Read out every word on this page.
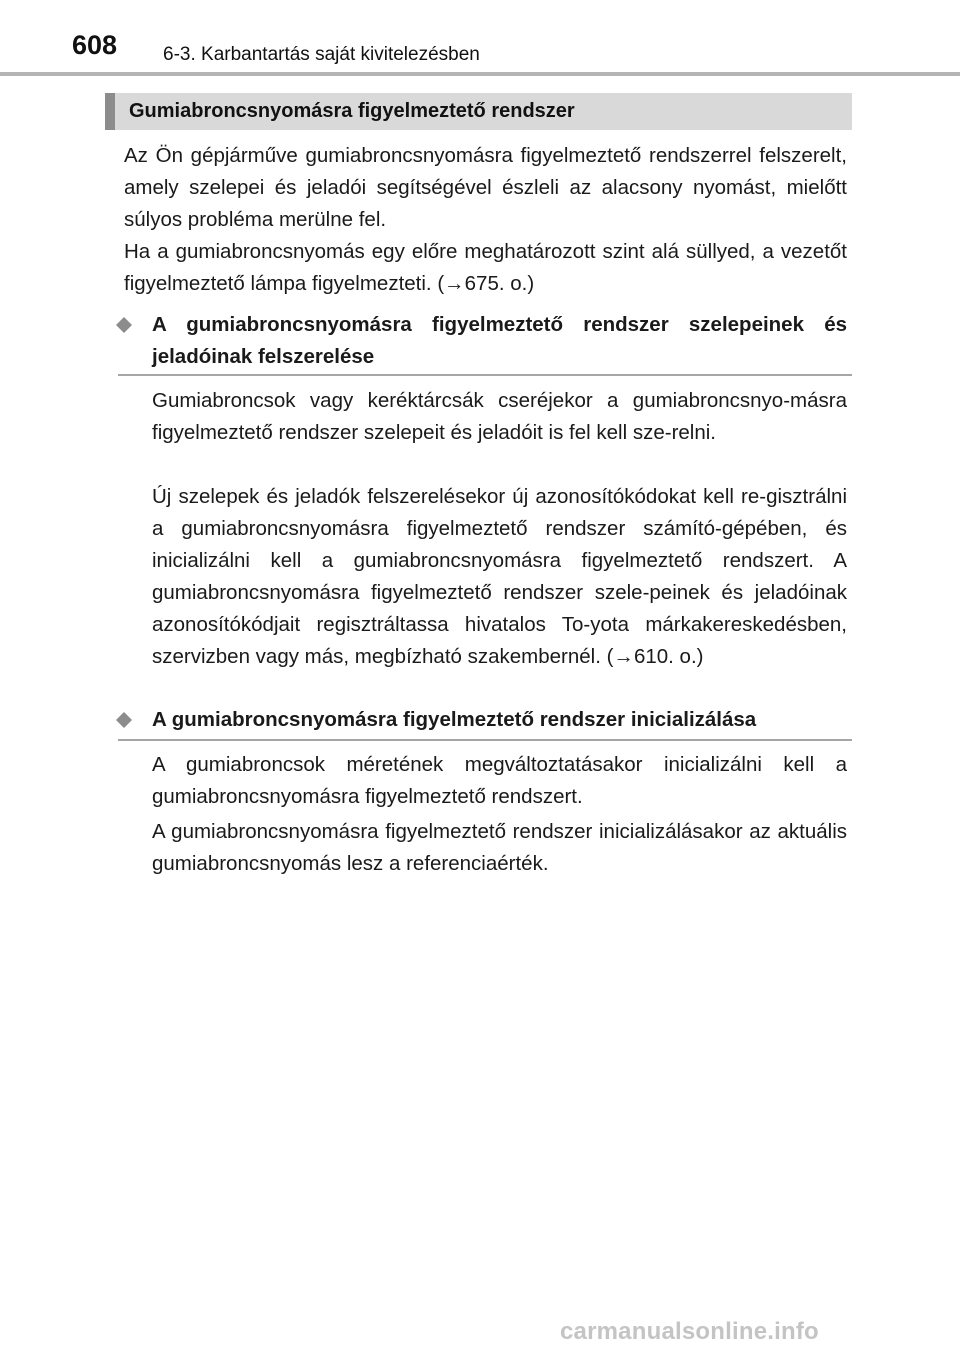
608 6-3. Karbantartás saját kivitelezésben
Gumiabroncsnyomásra figyelmeztető rendszer

Az Ön gépjárműve gumiabroncsnyomásra figyelmeztető rendszerrel felszerelt, amely szelepei és jeladói segítségével észleli az alacsony nyomást, mielőtt súlyos probléma merülne fel.

Ha a gumiabroncsnyomás egy előre meghatározott szint alá süllyed, a vezetőt figyelmeztető lámpa figyelmezteti. (→675. o.)

A gumiabroncsnyomásra figyelmeztető rendszer szelepeinek és jeladóinak felszerelése

Gumiabroncsok vagy keréktárcsák cseréjekor a gumiabroncsnyo-másra figyelmeztető rendszer szelepeit és jeladóit is fel kell sze-relni.

Új szelepek és jeladók felszerelésekor új azonosítókódokat kell re-gisztrálni a gumiabroncsnyomásra figyelmeztető rendszer számító-gépében, és inicializálni kell a gumiabroncsnyomásra figyelmeztető rendszert. A gumiabroncsnyomásra figyelmeztető rendszer szele-peinek és jeladóinak azonosítókódjait regisztráltassa hivatalos To-yota márkakereskedésben, szervizben vagy más, megbízható szakembernél. (→610. o.)

A gumiabroncsnyomásra figyelmeztető rendszer inicializálása

A gumiabroncsok méretének megváltoztatásakor inicializálni kell a gumiabroncsnyomásra figyelmeztető rendszert.

A gumiabroncsnyomásra figyelmeztető rendszer inicializálásakor az aktuális gumiabroncsnyomás lesz a referenciaérték.

carmanualsonline.info
